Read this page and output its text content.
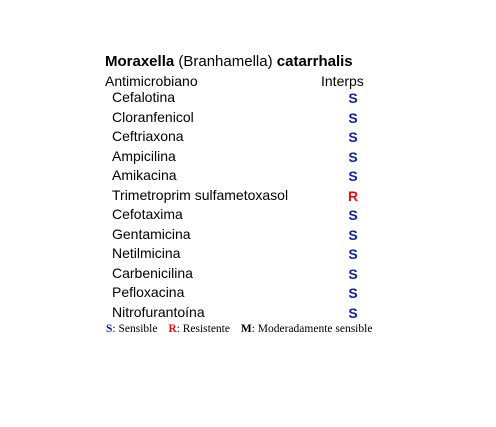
Moraxella (Branhamella) catarrhalis
Antimicrobiano	Interps
Cefalotina	S
Cloranfenicol	S
Ceftriaxona	S
Ampicilina	S
Amikacina	S
Trimetroprim sulfametoxasol	R
Cefotaxima	S
Gentamicina	S
Netilmicina	S
Carbenicilina	S
Pefloxacina	S
Nitrofurantoína	S
S: Sensible R: Resistente M: Moderadamente sensible
